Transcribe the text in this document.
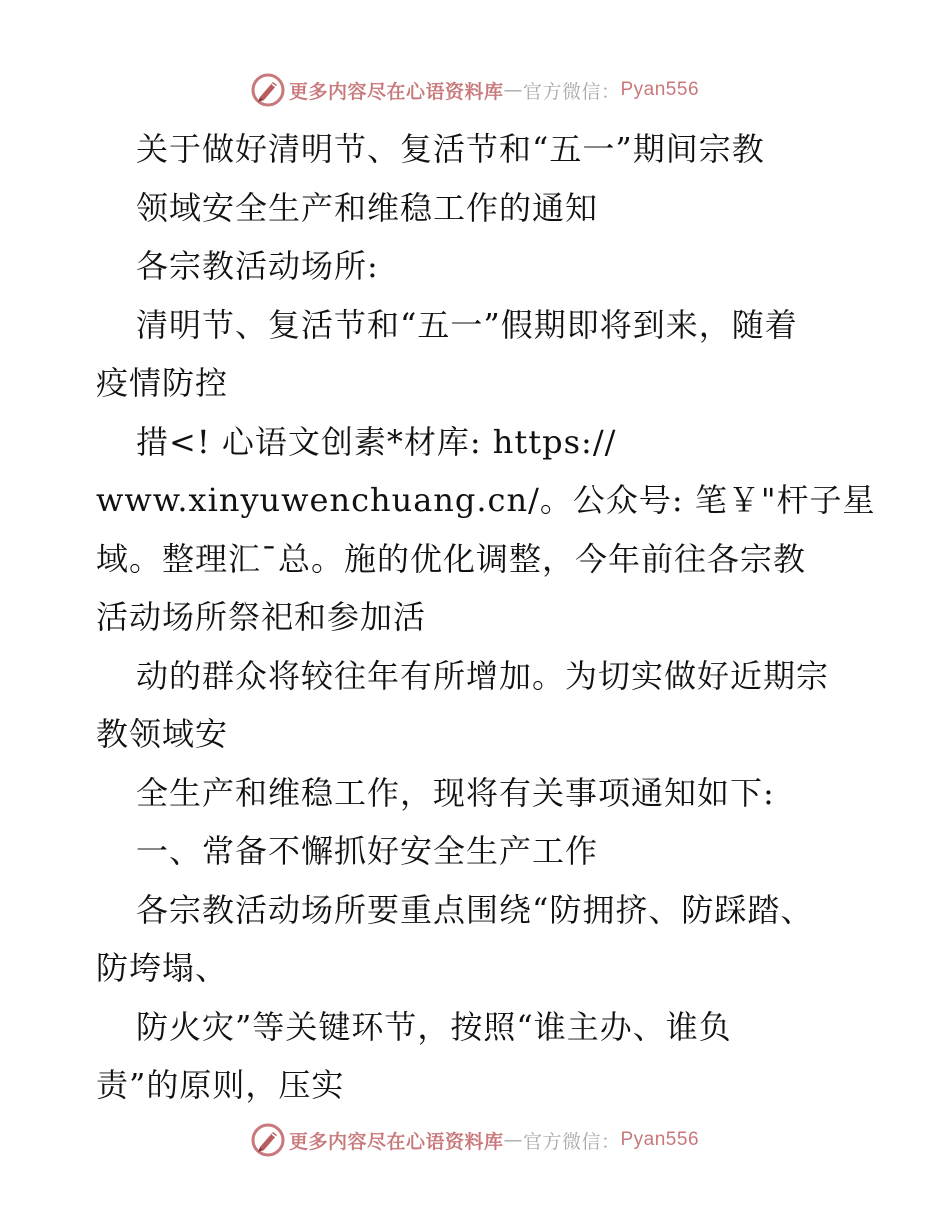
更多内容尽在心语资料库 — 官方微信： Pyan556
关于做好清明节、复活节和“五一”期间宗教
领域安全生产和维稳工作的通知
各宗教活动场所:
清明节、复活节和“五一”假期即将到来，随着
疫情防控
措<! 心语文创素*材库: https://
www.xinyuwenchuang.cn/。公众号: 笔￥"杆子星
域。整理汇¯总。施的优化调整，今年前往各宗教
活动场所祭祀和参加活
动的群众将较往年有所增加。为切实做好近期宗
教领域安
全生产和维稳工作，现将有关事项通知如下:
一、常备不懈抓好安全生产工作
各宗教活动场所要重点围绕“防拥挤、防踩踏、
防垮塌、
防火灾”等关键环节，按照“谁主办、谁负
责”的原则，压实
更多内容尽在心语资料库 — 官方微信： Pyan556
